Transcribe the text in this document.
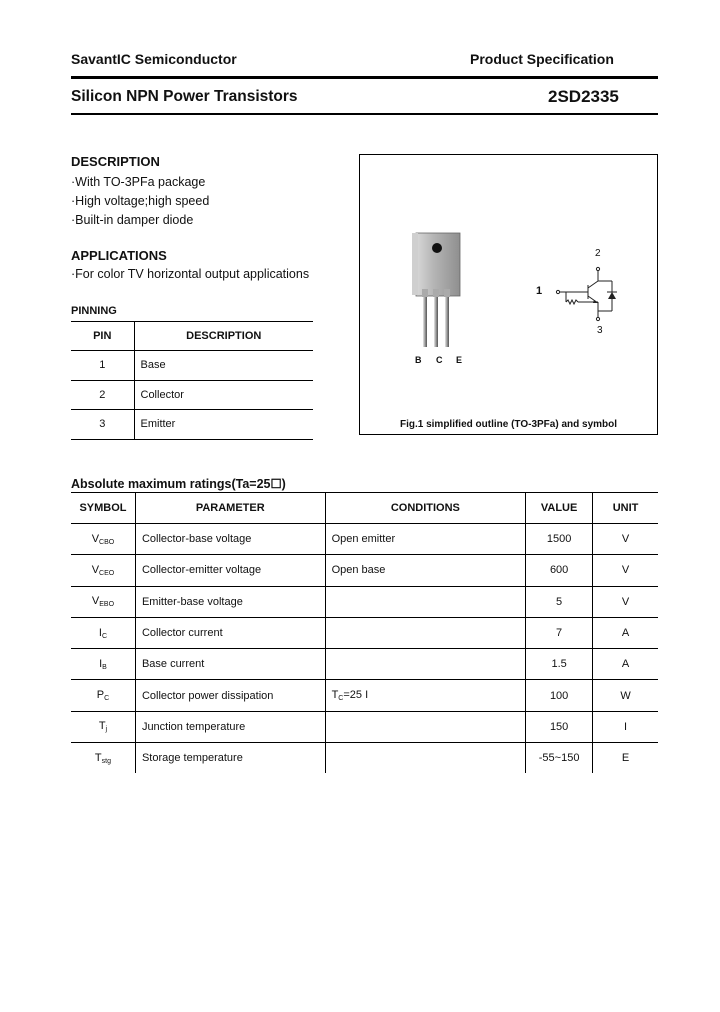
SavantIC Semiconductor	Product Specification
Silicon NPN Power Transistors	2SD2335
DESCRIPTION
·With TO-3PFa package
·High voltage;high speed
·Built-in damper diode
APPLICATIONS
·For color TV horizontal output applications
PINNING
PIN	DESCRIPTION
1	Base
2	Collector
3	Emitter
B C E
1
2
3
Fig.1 simplified outline (TO-3PFa) and symbol
Absolute maximum ratings(Ta=25☐)
SYMBOL	PARAMETER	CONDITIONS	VALUE	UNIT
$V_{CBO}$	Collector-base voltage	Open emitter	1500	V
$V_{CEO}$	Collector-emitter voltage	Open base	600	V
$V_{EBO}$	Emitter-base voltage		5	V
$I_C$	Collector current		7	A
$I_B$	Base current		1.5	A
$P_C$	Collector power dissipation	$T_C=25$ I	100	W
$T_j$	Junction temperature		150	I
$T_{stg}$	Storage temperature		-55~150	E
